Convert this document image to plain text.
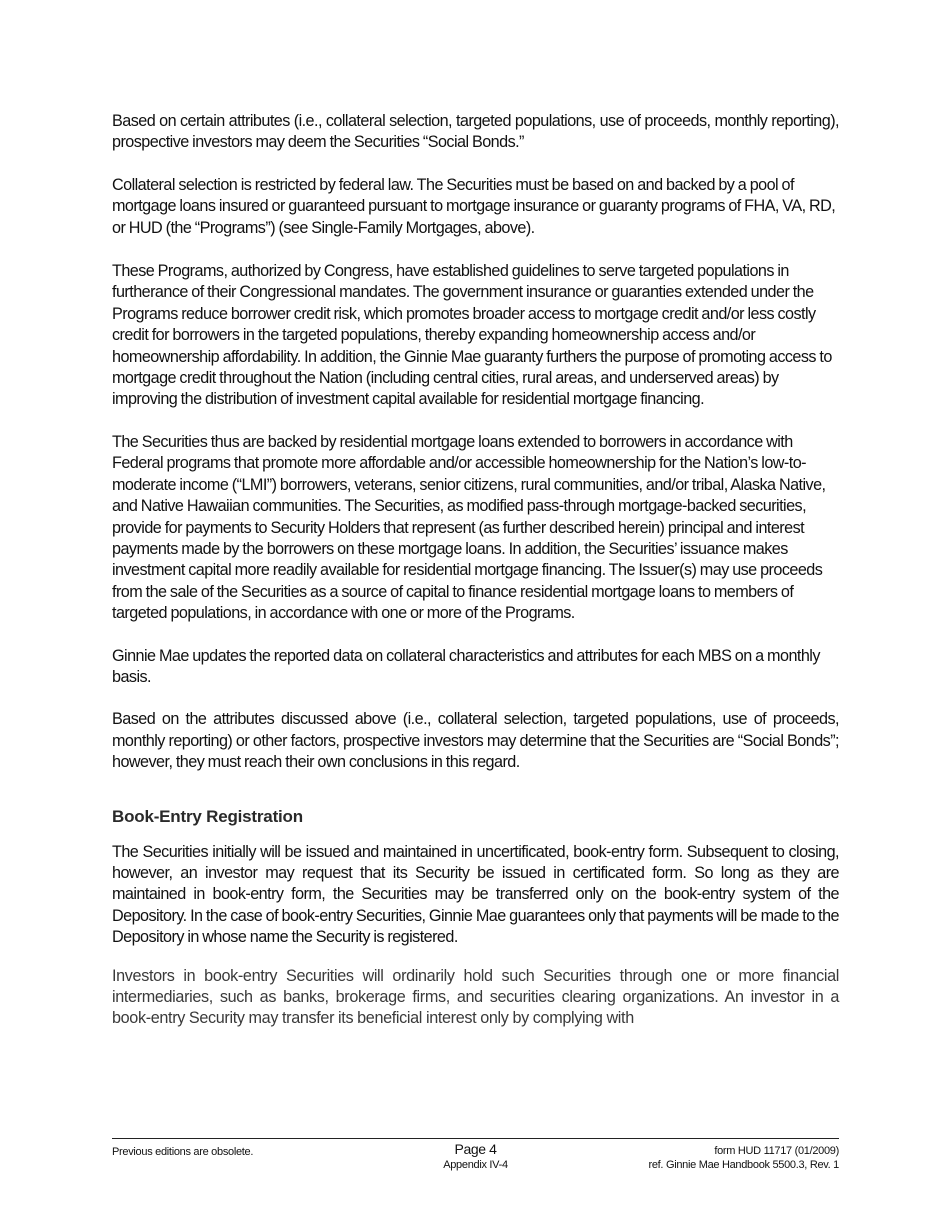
Based on certain attributes (i.e., collateral selection, targeted populations, use of proceeds, monthly reporting), prospective investors may deem the Securities “Social Bonds.”

Collateral selection is restricted by federal law. The Securities must be based on and backed by a pool of mortgage loans insured or guaranteed pursuant to mortgage insurance or guaranty programs of FHA, VA, RD, or HUD (the “Programs”) (see Single-Family Mortgages, above).

These Programs, authorized by Congress, have established guidelines to serve targeted populations in furtherance of their Congressional mandates. The government insurance or guaranties extended under the Programs reduce borrower credit risk, which promotes broader access to mortgage credit and/or less costly credit for borrowers in the targeted populations, thereby expanding homeownership access and/or homeownership affordability. In addition, the Ginnie Mae guaranty furthers the purpose of promoting access to mortgage credit throughout the Nation (including central cities, rural areas, and underserved areas) by improving the distribution of investment capital available for residential mortgage financing.

The Securities thus are backed by residential mortgage loans extended to borrowers in accordance with Federal programs that promote more affordable and/or accessible homeownership for the Nation’s low-to-moderate income (“LMI”) borrowers, veterans, senior citizens, rural communities, and/or tribal, Alaska Native, and Native Hawaiian communities. The Securities, as modified pass-through mortgage-backed securities, provide for payments to Security Holders that represent (as further described herein) principal and interest payments made by the borrowers on these mortgage loans. In addition, the Securities’ issuance makes investment capital more readily available for residential mortgage financing. The Issuer(s) may use proceeds from the sale of the Securities as a source of capital to finance residential mortgage loans to members of targeted populations, in accordance with one or more of the Programs.

Ginnie Mae updates the reported data on collateral characteristics and attributes for each MBS on a monthly basis.

Based on the attributes discussed above (i.e., collateral selection, targeted populations, use of proceeds, monthly reporting) or other factors, prospective investors may determine that the Securities are “Social Bonds”; however, they must reach their own conclusions in this regard.

Book-Entry Registration

The Securities initially will be issued and maintained in uncertificated, book-entry form. Subsequent to closing, however, an investor may request that its Security be issued in certificated form. So long as they are maintained in book-entry form, the Securities may be transferred only on the book-entry system of the Depository. In the case of book-entry Securities, Ginnie Mae guarantees only that payments will be made to the Depository in whose name the Security is registered.

Investors in book-entry Securities will ordinarily hold such Securities through one or more financial intermediaries, such as banks, brokerage firms, and securities clearing organizations. An investor in a book-entry Security may transfer its beneficial interest only by complying with

Previous editions are obsolete.	Page 4
Appendix IV-4
form HUD 11717 (01/2009)
ref. Ginnie Mae Handbook 5500.3, Rev. 1
